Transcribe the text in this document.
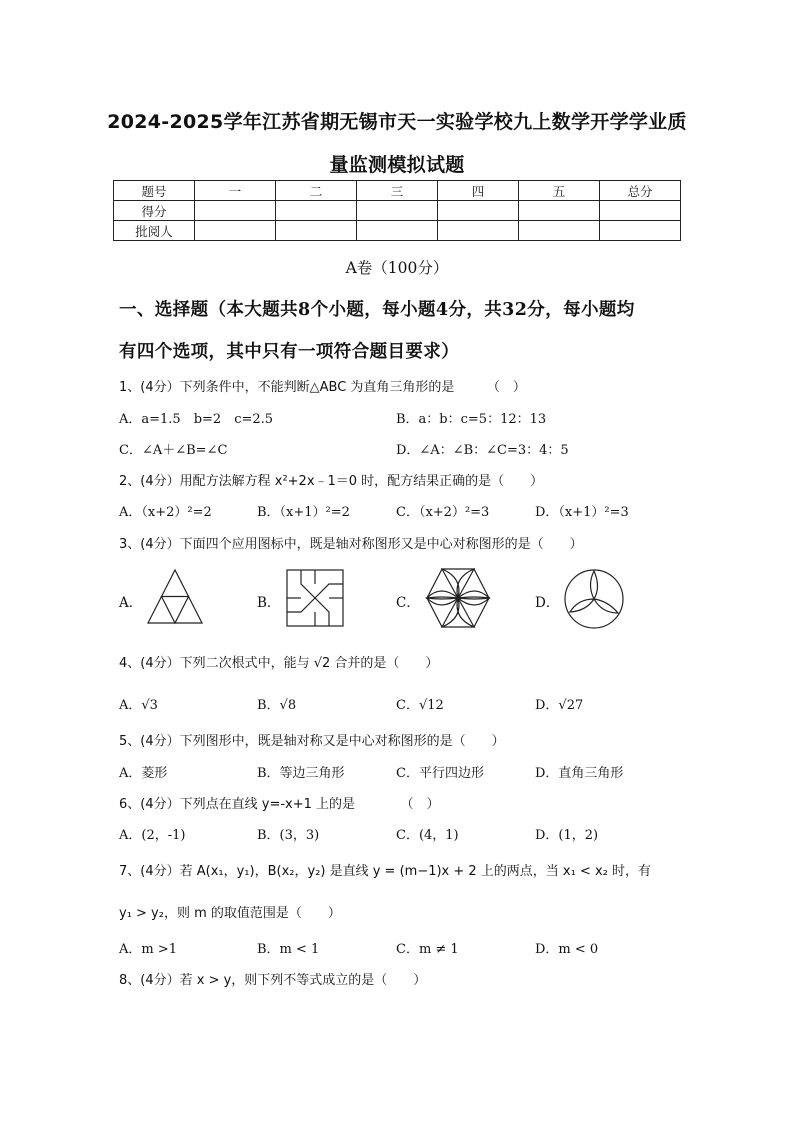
2024-2025学年江苏省期无锡市天一实验学校九上数学开学学业质
量监测模拟试题
题号	一	二	三	四	五	总分
得分						
批阅人						
A卷（100分）
一、选择题（本大题共8个小题，每小题4分，共32分，每小题均
有四个选项，其中只有一项符合题目要求）
1、(4分）下列条件中，不能判断△ABC 为直角三角形的是　　　（　）
A．a=1.5　b=2　c=2.5	B．a：b：c=5：12：13
C．∠A＋∠B=∠C	D．∠A：∠B：∠C=3：4：5
2、(4分）用配方法解方程 x²+2x﹣1＝0 时，配方结果正确的是（　　）
A．（x+2）²=2	B．（x+1）²=2	C．（x+2）²=3	D．（x+1）²=3
3、(4分）下面四个应用图标中，既是轴对称图形又是中心对称图形的是（　　）
A．	B．	C．	D．
4、(4分）下列二次根式中，能与 √2 合并的是（　　）
A．√3	B．√8	C．√12	D．√27
5、(4分）下列图形中，既是轴对称又是中心对称图形的是（　　）
A．菱形	B．等边三角形	C．平行四边形	D．直角三角形
6、(4分）下列点在直线 y=-x+1 上的是　　　　（　）
A．(2，-1)	B．(3，3)	C．(4，1)	D．(1，2)
7、(4分）若 A(x₁，y₁)，B(x₂，y₂) 是直线 y = (m−1)x + 2 上的两点，当 x₁ < x₂ 时，有
y₁ > y₂，则 m 的取值范围是（　　）
A．m >1	B．m < 1	C．m ≠ 1	D．m < 0
8、(4分）若 x > y，则下列不等式成立的是（　　）
